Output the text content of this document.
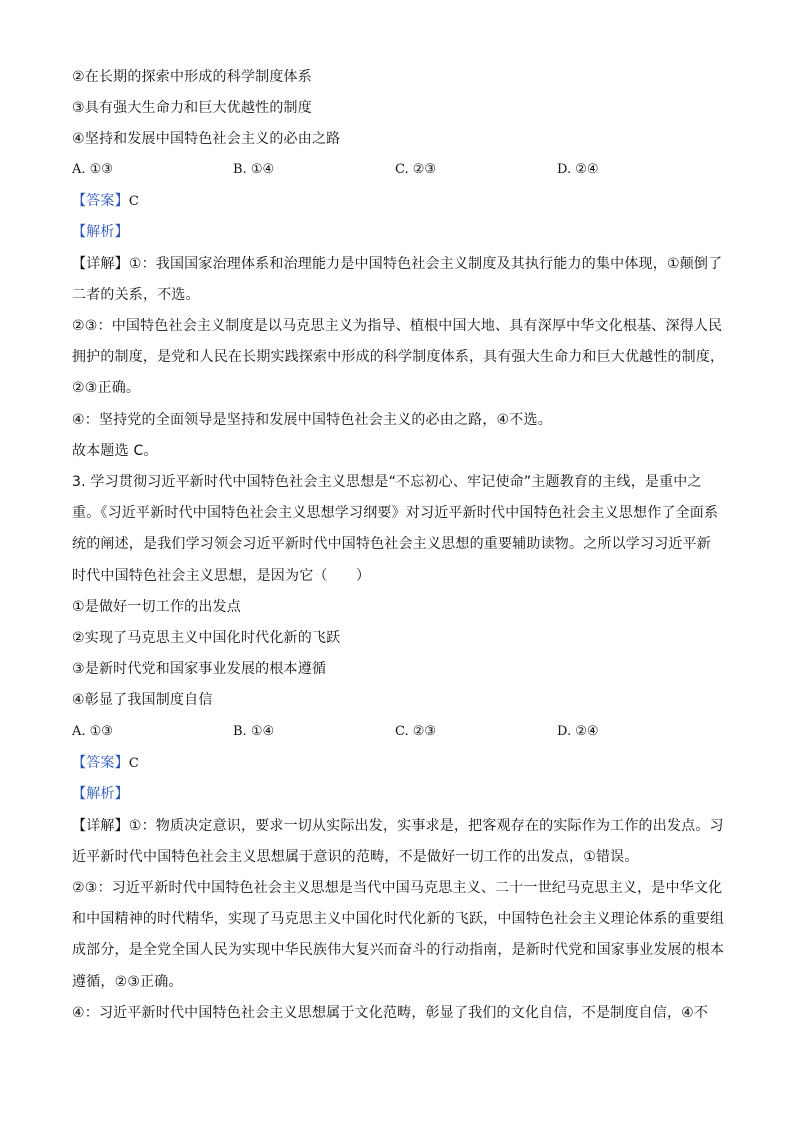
②在长期的探索中形成的科学制度体系
③具有强大生命力和巨大优越性的制度
④坚持和发展中国特色社会主义的必由之路
A. ①③	B. ①④	C. ②③	D. ②④
【答案】C
【解析】
【详解】①：我国国家治理体系和治理能力是中国特色社会主义制度及其执行能力的集中体现，①颠倒了
二者的关系，不选。
②③：中国特色社会主义制度是以马克思主义为指导、植根中国大地、具有深厚中华文化根基、深得人民
拥护的制度，是党和人民在长期实践探索中形成的科学制度体系，具有强大生命力和巨大优越性的制度，
②③正确。
④：坚持党的全面领导是坚持和发展中国特色社会主义的必由之路，④不选。
故本题选 C。
3. 学习贯彻习近平新时代中国特色社会主义思想是“不忘初心、牢记使命”主题教育的主线，是重中之
重。《习近平新时代中国特色社会主义思想学习纲要》对习近平新时代中国特色社会主义思想作了全面系
统的阐述，是我们学习领会习近平新时代中国特色社会主义思想的重要辅助读物。之所以学习习近平新
时代中国特色社会主义思想，是因为它（　　）
①是做好一切工作的出发点
②实现了马克思主义中国化时代化新的飞跃
③是新时代党和国家事业发展的根本遵循
④彰显了我国制度自信
A. ①③	B. ①④	C. ②③	D. ②④
【答案】C
【解析】
【详解】①：物质决定意识，要求一切从实际出发，实事求是，把客观存在的实际作为工作的出发点。习
近平新时代中国特色社会主义思想属于意识的范畴，不是做好一切工作的出发点，①错误。
②③：习近平新时代中国特色社会主义思想是当代中国马克思主义、二十一世纪马克思主义，是中华文化
和中国精神的时代精华，实现了马克思主义中国化时代化新的飞跃，中国特色社会主义理论体系的重要组
成部分，是全党全国人民为实现中华民族伟大复兴而奋斗的行动指南，是新时代党和国家事业发展的根本
遵循，②③正确。
④：习近平新时代中国特色社会主义思想属于文化范畴，彰显了我们的文化自信，不是制度自信，④不
